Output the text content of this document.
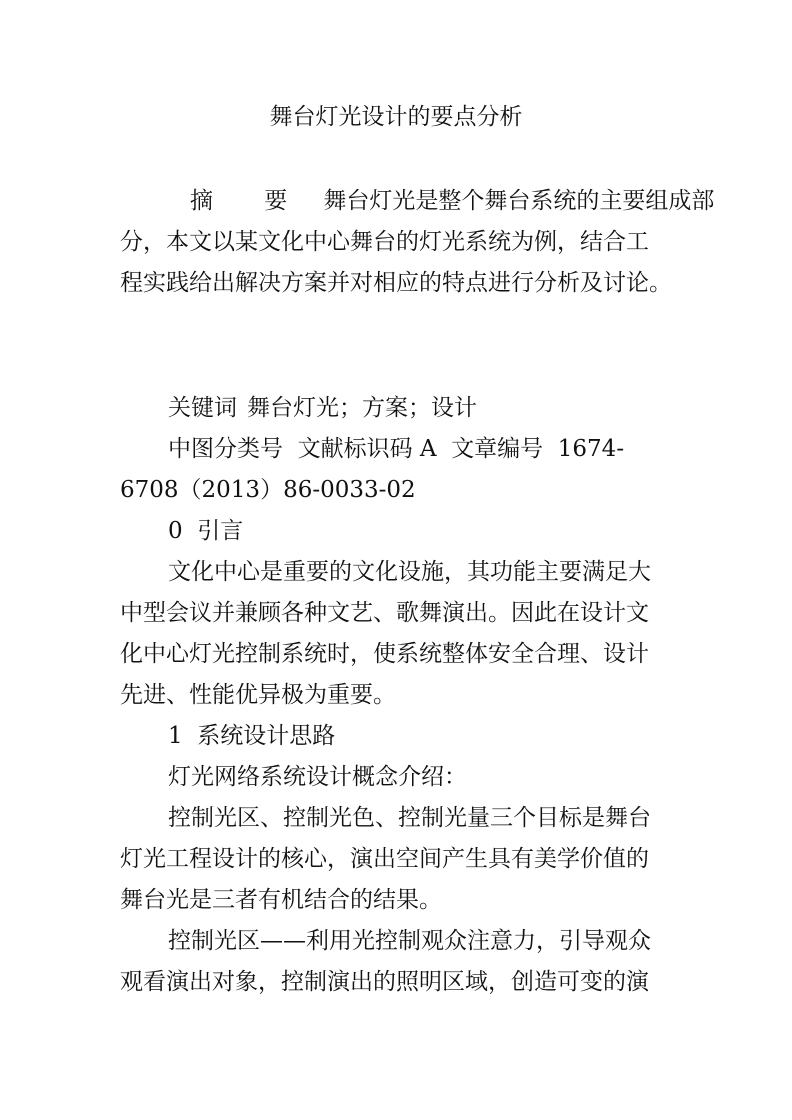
舞台灯光设计的要点分析
摘 要 舞台灯光是整个舞台系统的主要组成部
分，本文以某文化中心舞台的灯光系统为例，结合工
程实践给出解决方案并对相应的特点进行分析及讨论。
关键词 舞台灯光；方案；设计
中图分类号  文献标识码 A  文章编号  1674-
6708（2013）86-0033-02
0  引言
文化中心是重要的文化设施，其功能主要满足大
中型会议并兼顾各种文艺、歌舞演出。因此在设计文
化中心灯光控制系统时，使系统整体安全合理、设计
先进、性能优异极为重要。
1  系统设计思路
灯光网络系统设计概念介绍：
控制光区、控制光色、控制光量三个目标是舞台
灯光工程设计的核心，演出空间产生具有美学价值的
舞台光是三者有机结合的结果。
控制光区——利用光控制观众注意力，引导观众
观看演出对象，控制演出的照明区域，创造可变的演
